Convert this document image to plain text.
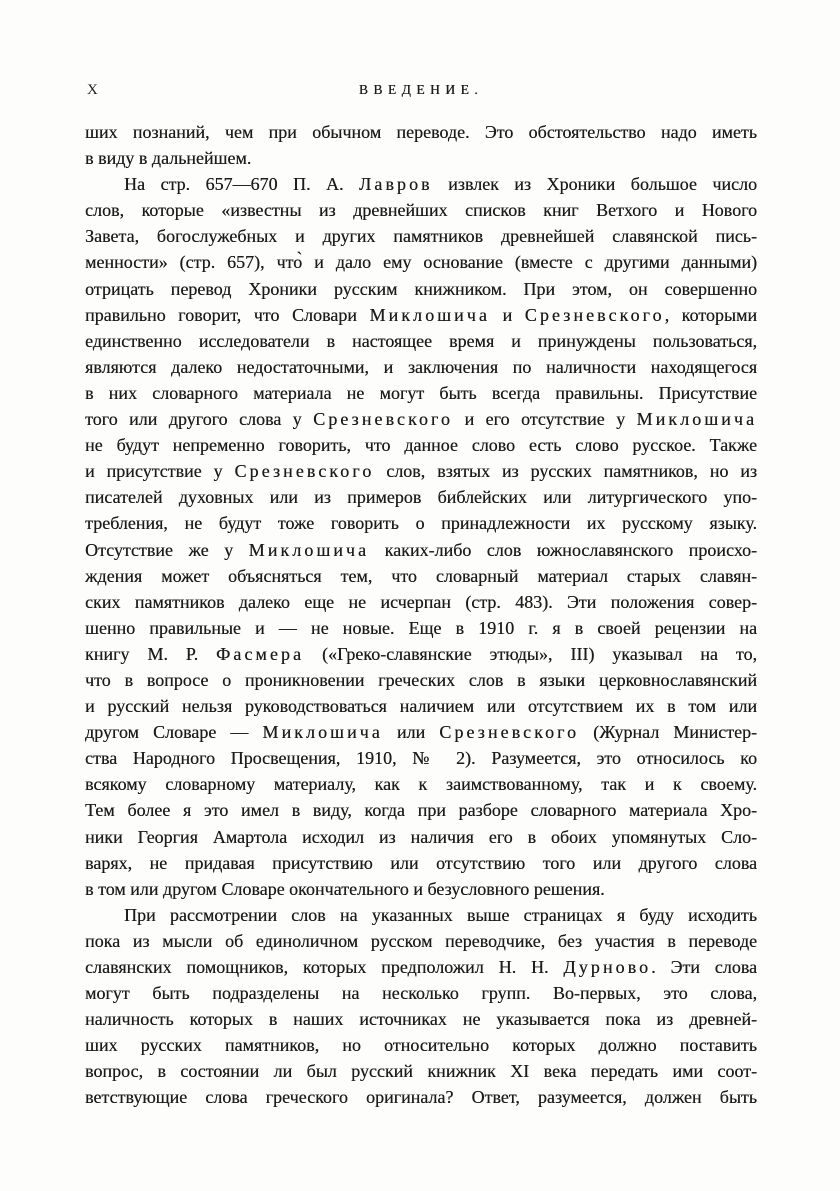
X	ВВЕДЕНИЕ.
ших познаний, чем при обычном переводе. Это обстоятельство надо иметь
в виду в дальнейшем.
На стр. 657—670 П. А. Лавров извлек из Хроники большое число
слов, которые «известны из древнейших списков книг Ветхого и Нового
Завета, богослужебных и других памятников древнейшей славянской пись-
менности» (стр. 657), что̀ и дало ему основание (вместе с другими данными)
отрицать перевод Хроники русским книжником. При этом, он совершенно
правильно говорит, что Словари Миклошича и Срезневского, которыми
единственно исследователи в настоящее время и принуждены пользоваться,
являются далеко недостаточными, и заключения по наличности находящегося
в них словарного материала не могут быть всегда правильны. Присутствие
того или другого слова у Срезневского и его отсутствие у Миклошича
не будут непременно говорить, что данное слово есть слово русское. Также
и присутствие у Срезневского слов, взятых из русских памятников, но из
писателей духовных или из примеров библейских или литургического упо-
требления, не будут тоже говорить о принадлежности их русскому языку.
Отсутствие же у Миклошича каких-либо слов южнославянского происхо-
ждения может объясняться тем, что словарный материал старых славян-
ских памятников далеко еще не исчерпан (стр. 483). Эти положения совер-
шенно правильные и — не новые. Еще в 1910 г. я в своей рецензии на
книгу М. Р. Фасмера («Греко-славянские этюды», III) указывал на то,
что в вопросе о проникновении греческих слов в языки церковнославянский
и русский нельзя руководствоваться наличием или отсутствием их в том или
другом Словаре — Миклошича или Срезневского (Журнал Министер-
ства Народного Просвещения, 1910, № 2). Разумеется, это относилось ко
всякому словарному материалу, как к заимствованному, так и к своему.
Тем более я это имел в виду, когда при разборе словарного материала Хро-
ники Георгия Амартола исходил из наличия его в обоих упомянутых Сло-
варях, не придавая присутствию или отсутствию того или другого слова
в том или другом Словаре окончательного и безусловного решения.
При рассмотрении слов на указанных выше страницах я буду исходить
пока из мысли об единоличном русском переводчике, без участия в переводе
славянских помощников, которых предположил Н. Н. Дурново. Эти слова
могут быть подразделены на несколько групп. Во-первых, это слова,
наличность которых в наших источниках не указывается пока из древней-
ших русских памятников, но относительно которых должно поставить
вопрос, в состоянии ли был русский книжник XI века передать ими соот-
ветствующие слова греческого оригинала? Ответ, разумеется, должен быть
